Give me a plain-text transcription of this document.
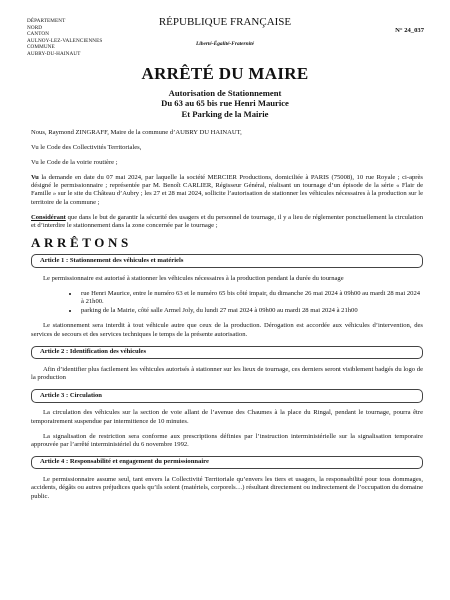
DÉPARTEMENT
NORD
CANTON
AULNOY-LEZ-VALENCIENNES
COMMUNE
AUBRY-DU-HAINAUT
RÉPUBLIQUE FRANÇAISE
Liberté-Égalité-Fraternité
N° 24_037
ARRÊTÉ DU MAIRE
Autorisation de Stationnement
Du 63 au 65 bis rue Henri Maurice
Et Parking de la Mairie

Nous, Raymond ZINGRAFF, Maire de la commune d’AUBRY DU HAINAUT,

Vu le Code des Collectivités Territoriales,

Vu le Code de la voirie routière ;

Vu la demande en date du 07 mai 2024, par laquelle la société MERCIER Productions, domiciliée à PARIS (75008), 10 rue Royale ; ci-après désigné le permissionnaire ; représentée par M. Benoît CARLIER, Régisseur Général, réalisant un tournage d’un épisode de la série « Flair de Famille » sur le site du Château d’Aubry ; les 27 et 28 mai 2024, sollicite l’autorisation de stationner les véhicules nécessaires à la production sur le territoire de la commune ;

Considérant que dans le but de garantir la sécurité des usagers et du personnel de tournage, il y a lieu de réglementer ponctuellement la circulation et d’interdire le stationnement dans la zone concernée par le tournage ;

ARRÊTONS

Article 1 : Stationnement des véhicules et matériels

Le permissionnaire est autorisé à stationner les véhicules nécessaires à la production pendant la durée du tournage

• rue Henri Maurice, entre le numéro 63 et le numéro 65 bis côté impair, du dimanche 26 mai 2024 à 09h00 au mardi 28 mai 2024 à 21h00.
• parking de la Mairie, côté salle Armel Joly, du lundi 27 mai 2024 à 09h00 au mardi 28 mai 2024 à 21h00

Le stationnement sera interdit à tout véhicule autre que ceux de la production. Dérogation est accordée aux véhicules d’intervention, des services de secours et des services techniques le temps de la présente autorisation.

Article 2 : Identification des véhicules

Afin d’identifier plus facilement les véhicules autorisés à stationner sur les lieux de tournage, ces derniers seront visiblement badgés du logo de la production

Article 3 : Circulation

La circulation des véhicules sur la section de voie allant de l’avenue des Chaumes à la place du Ringal, pendant le tournage, pourra être temporairement suspendue par intermittence de 10 minutes.

La signalisation de restriction sera conforme aux prescriptions définies par l’instruction interministérielle sur la signalisation temporaire approuvée par l’arrêté interministériel du 6 novembre 1992.

Article 4 : Responsabilité et engagement du permissionnaire

Le permissionnaire assume seul, tant envers la Collectivité Territoriale qu’envers les tiers et usagers, la responsabilité pour tous dommages, accidents, dégâts ou autres préjudices quels qu’ils soient (matériels, corporels…) résultant directement ou indirectement de l’occupation du domaine public.
